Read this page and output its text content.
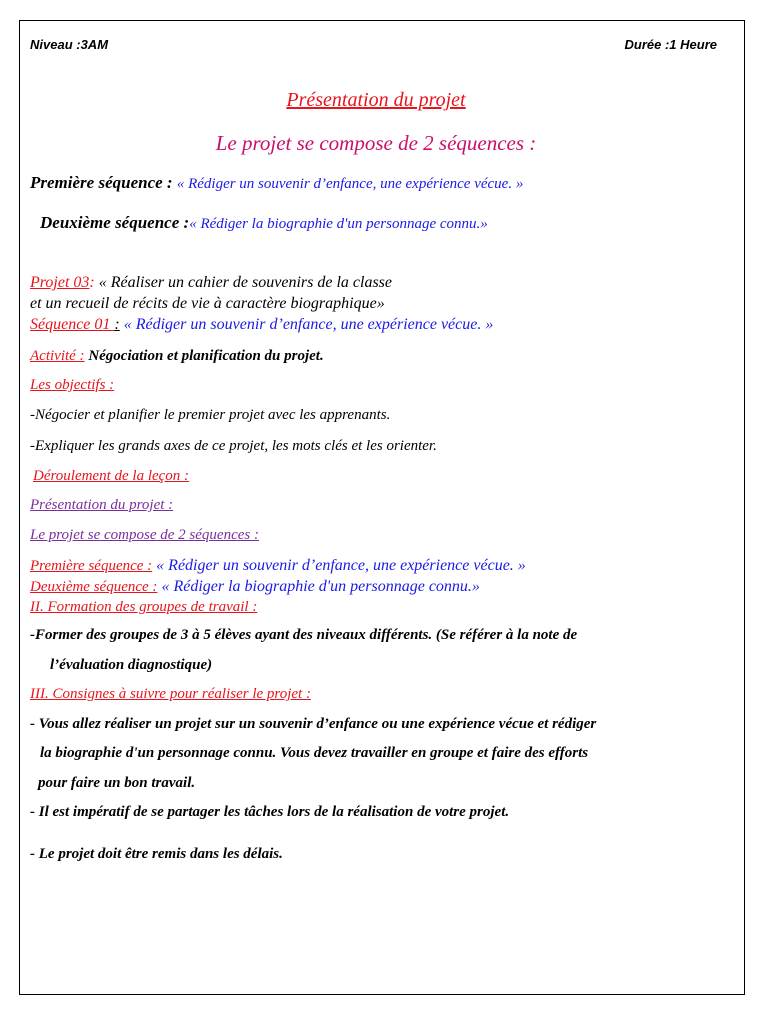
Niveau :3AM	Durée :1 Heure
Présentation du projet
Le projet se compose de 2 séquences :
Première séquence : « Rédiger un souvenir d’enfance, une expérience vécue. »
Deuxième séquence :« Rédiger la biographie d'un personnage connu.»
Projet 03: « Réaliser un cahier de souvenirs de la classe
et un recueil de récits de vie à caractère biographique»
Séquence 01 : « Rédiger un souvenir d’enfance, une expérience vécue. »
Activité : Négociation et planification du projet.
Les objectifs :
-Négocier et planifier le premier projet avec les apprenants.
-Expliquer les grands axes de ce projet, les mots clés et les orienter.
Déroulement de la leçon :
Présentation du projet :
Le projet se compose de 2 séquences :
Première séquence : « Rédiger un souvenir d’enfance, une expérience vécue. »
Deuxième séquence : « Rédiger la biographie d'un personnage connu.»
II. Formation des groupes de travail :
-Former des groupes de 3 à 5 élèves ayant des niveaux différents. (Se référer à la note de
l’évaluation diagnostique)
III. Consignes à suivre pour réaliser le projet :
- Vous allez réaliser un projet sur un souvenir d’enfance ou une expérience vécue et rédiger
la biographie d'un personnage connu. Vous devez travailler en groupe et faire des efforts
pour faire un bon travail.
- Il est impératif de se partager les tâches lors de la réalisation de votre projet.
- Le projet doit être remis dans les délais.
